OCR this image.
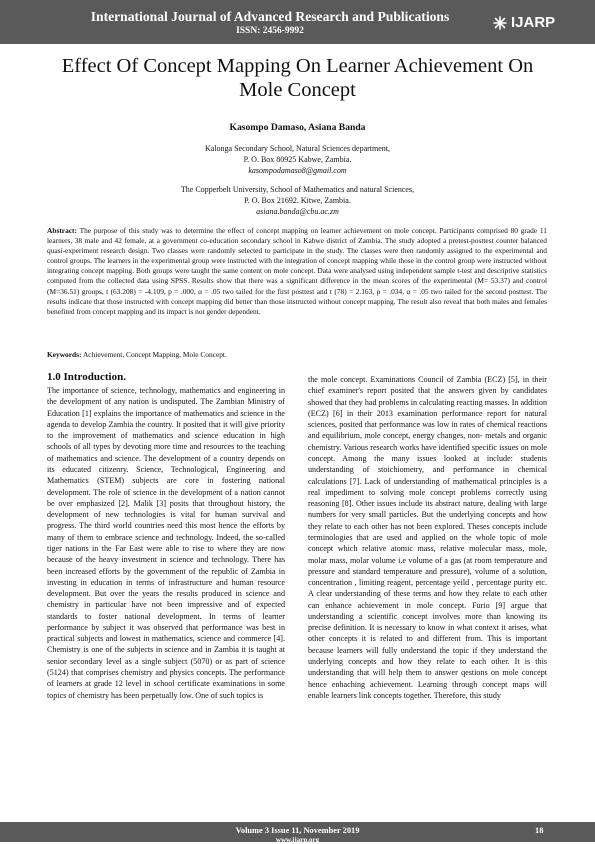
International Journal of Advanced Research and Publications
ISSN: 2456-9992	IJARP
Effect Of Concept Mapping On Learner Achievement On Mole Concept
Kasompo Damaso, Asiana Banda
Kalonga Secondary School, Natural Sciences department,
P. O. Box 80925 Kabwe, Zambia.
kasompodamaso8@gmail.com
The Copperbelt University, School of Mathematics and natural Sciences,
P. O. Box 21692. Kitwe, Zambia.
asiana.banda@cbu.ac.zm
Abstract: The purpose of this study was to determine the effect of concept mapping on learner achievement on mole concept. Participants comprised 80 grade 11 learners, 38 male and 42 female, at a government co-education secondary school in Kabwe district of Zambia. The study adopted a pretest-posttest counter balanced quasi-experiment research design. Two classes were randomly selected to participate in the study. The classes were then randomly assigned to the experimental and control groups. The learners in the experimental group were instructed with the integration of concept mapping while those in the control group were instructed without integrating concept mapping. Both groups were taught the same content on mole concept. Data were analysed using independent sample t-test and descriptive statistics computed from the collected data using SPSS. Results show that there was a significant difference in the mean scores of the experimental (M= 53.37) and control (M=36.51) groups, t (63.208) = -4.109, p = .000, α = .05 two tailed for the first posttest and t (78) = 2.163, p = .034, α = .05 two tailed for the second posttest. The results indicate that those instructed with concept mapping did better than those instructed without concept mapping. The result also reveal that both males and females benefited from concept mapping and its impact is not gender dependent.
Keywords: Achievement, Concept Mapping, Mole Concept.
1.0 Introduction.

The importance of science, technology, mathematics and engineering in the development of any nation is undisputed. The Zambian Ministry of Education [1] explains the importance of mathematics and science in the agenda to develop Zambia the country. It posited that it will give priority to the improvement of mathematics and science education in high schools of all types by devoting more time and resources to the teaching of mathematics and science. The development of a country depends on its educated citizenry. Science, Technological, Engineering and Mathematics (STEM) subjects are core in fostering national development. The role of science in the development of a nation cannot be over emphasized [2]. Malik [3] posits that throughout history, the development of new technologies is vital for human survival and progress. The third world countries need this most hence the efforts by many of them to embrace science and technology. Indeed, the so-called tiger nations in the Far East were able to rise to where they are now because of the heavy investment in science and technology. There has been increased efforts by the government of the republic of Zambia in investing in education in terms of infrastructure and human resource development. But over the years the results produced in science and chemistry in particular have not been impressive and of expected standards to foster national development. In terms of learner performance by subject it was observed that performance was best in practical subjects and lowest in mathematics, science and commerce [4]. Chemistry is one of the subjects in science and in Zambia it is taught at senior secondary level as a single subject (5070) or as part of science (5124) that comprises chemistry and physics concepts. The performance of learners at grade 12 level in school certificate examinations in some topics of chemistry has been perpetually low. One of such topics is

the mole concept. Examinations Council of Zambia (ECZ) [5], in their chief examiner's report posited that the answers given by candidates showed that they had problems in calculating reacting masses. In addition (ECZ) [6] in their 2013 examination performance report for natural sciences, posited that performance was low in rates of chemical reactions and equilibrium, mole concept, energy changes, non- metals and organic chemistry. Various research works have identified specific issues on mole concept. Among the many issues looked at include: students understanding of stoichiometry, and performance in chemical calculations [7]. Lack of understanding of mathematical principles is a real impediment to solving mole concept problems correctly using reasoning [8]. Other issues include its abstract nature, dealing with large numbers for very small particles. But the underlying concepts and how they relate to each other has not been explored. Theses concepts include terminologies that are used and applied on the whole topic of mole concept which relative atomic mass, relative molecular mass, mole, molar mass, molar volume i.e volume of a gas (at room temperature and pressure and standard temperature and pressure), volume of a solution, concentration , limiting reagent, percentage yeild , percentage purity etc. A clear understanding of these terms and how they relate to each other can enhance achievement in mole concept. Furio [9] argue that understanding a scientific concept involves more than knowing its precise definition. It is necessary to know in what context it arises, what other concepts it is related to and different from. This is important because learners will fully understand the topic if they understand the underlying concepts and how they relate to each other. It is this understanding that will help them to answer qestions on mole concept hence enhaching achievement. Learning through concept maps will enable learners link concepts together. Therefore, this study

Volume 3 Issue 11, November 2019
www.ijarp.org
18
